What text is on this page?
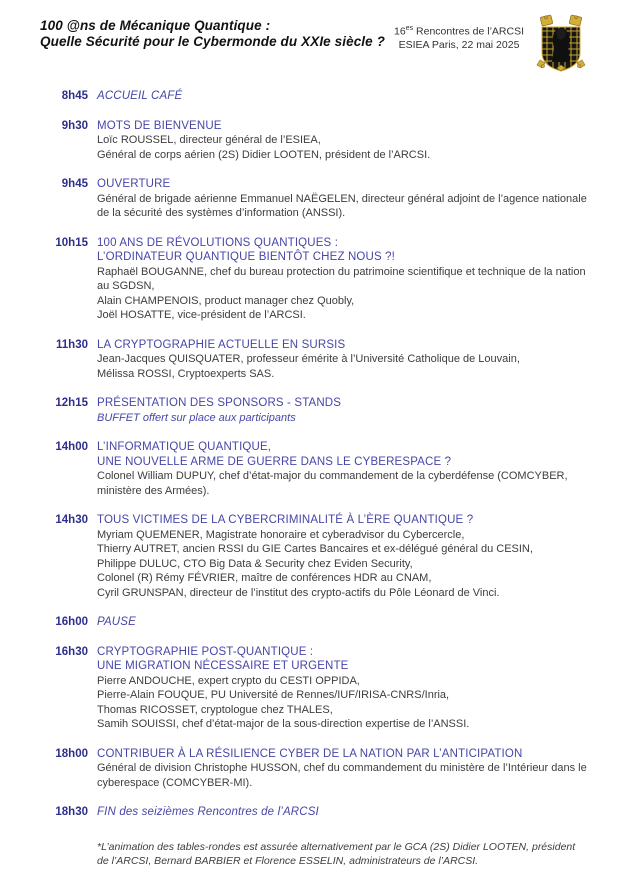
100 @ns de Mécanique Quantique :
Quelle Sécurité pour le Cybermonde du XXIe siècle ?
$16^{es}$ Rencontres de l’ARCSI
ESIEA Paris, 22 mai 2025
8h45 ACCUEIL CAFÉ
9h30 MOTS DE BIENVENUE
Loïc ROUSSEL, directeur général de l’ESIEA,
Général de corps aérien (2S) Didier LOOTEN, président de l’ARCSI.
9h45 OUVERTURE
Général de brigade aérienne Emmanuel NAËGELEN, directeur général adjoint de l’agence nationale de la sécurité des systèmes d’information (ANSSI).
10h15 100 ANS DE RÉVOLUTIONS QUANTIQUES :
L’ORDINATEUR QUANTIQUE BIENTÔT CHEZ NOUS ?!
Raphaël BOUGANNE, chef du bureau protection du patrimoine scientifique et technique de la nation au SGDSN,
Alain CHAMPENOIS, product manager chez Quobly,
Joël HOSATTE, vice-président de l’ARCSI.
11h30 LA CRYPTOGRAPHIE ACTUELLE EN SURSIS
Jean-Jacques QUISQUATER, professeur émérite à l’Université Catholique de Louvain,
Mélissa ROSSI, Cryptoexperts SAS.
12h15 PRÉSENTATION DES SPONSORS - STANDS
BUFFET offert sur place aux participants
14h00 L’INFORMATIQUE QUANTIQUE,
UNE NOUVELLE ARME DE GUERRE DANS LE CYBERESPACE ?
Colonel William DUPUY, chef d’état-major du commandement de la cyberdéfense (COMCYBER, ministère des Armées).
14h30 TOUS VICTIMES DE LA CYBERCRIMINALITÉ À L’ÈRE QUANTIQUE ?
Myriam QUEMENER, Magistrate honoraire et cyberadvisor du Cybercercle,
Thierry AUTRET, ancien RSSI du GIE Cartes Bancaires et ex-délégué général du CESIN,
Philippe DULUC, CTO Big Data & Security chez Eviden Security,
Colonel (R) Rémy FÉVRIER, maître de conférences HDR au CNAM,
Cyril GRUNSPAN, directeur de l’institut des crypto-actifs du Pôle Léonard de Vinci.
16h00 PAUSE
16h30 CRYPTOGRAPHIE POST-QUANTIQUE :
UNE MIGRATION NÉCESSAIRE ET URGENTE
Pierre ANDOUCHE, expert crypto du CESTI OPPIDA,
Pierre-Alain FOUQUE, PU Université de Rennes/IUF/IRISA-CNRS/Inria,
Thomas RICOSSET, cryptologue chez THALES,
Samih SOUISSI, chef d’état-major de la sous-direction expertise de l’ANSSI.
18h00 CONTRIBUER À LA RÉSILIENCE CYBER DE LA NATION PAR L’ANTICIPATION
Général de division Christophe HUSSON, chef du commandement du ministère de l’Intérieur dans le cyberespace (COMCYBER-MI).
18h30 FIN des seizièmes Rencontres de l’ARCSI
*L’animation des tables-rondes est assurée alternativement par le GCA (2S) Didier LOOTEN, président de l’ARCSI, Bernard BARBIER et Florence ESSELIN, administrateurs de l’ARCSI.
